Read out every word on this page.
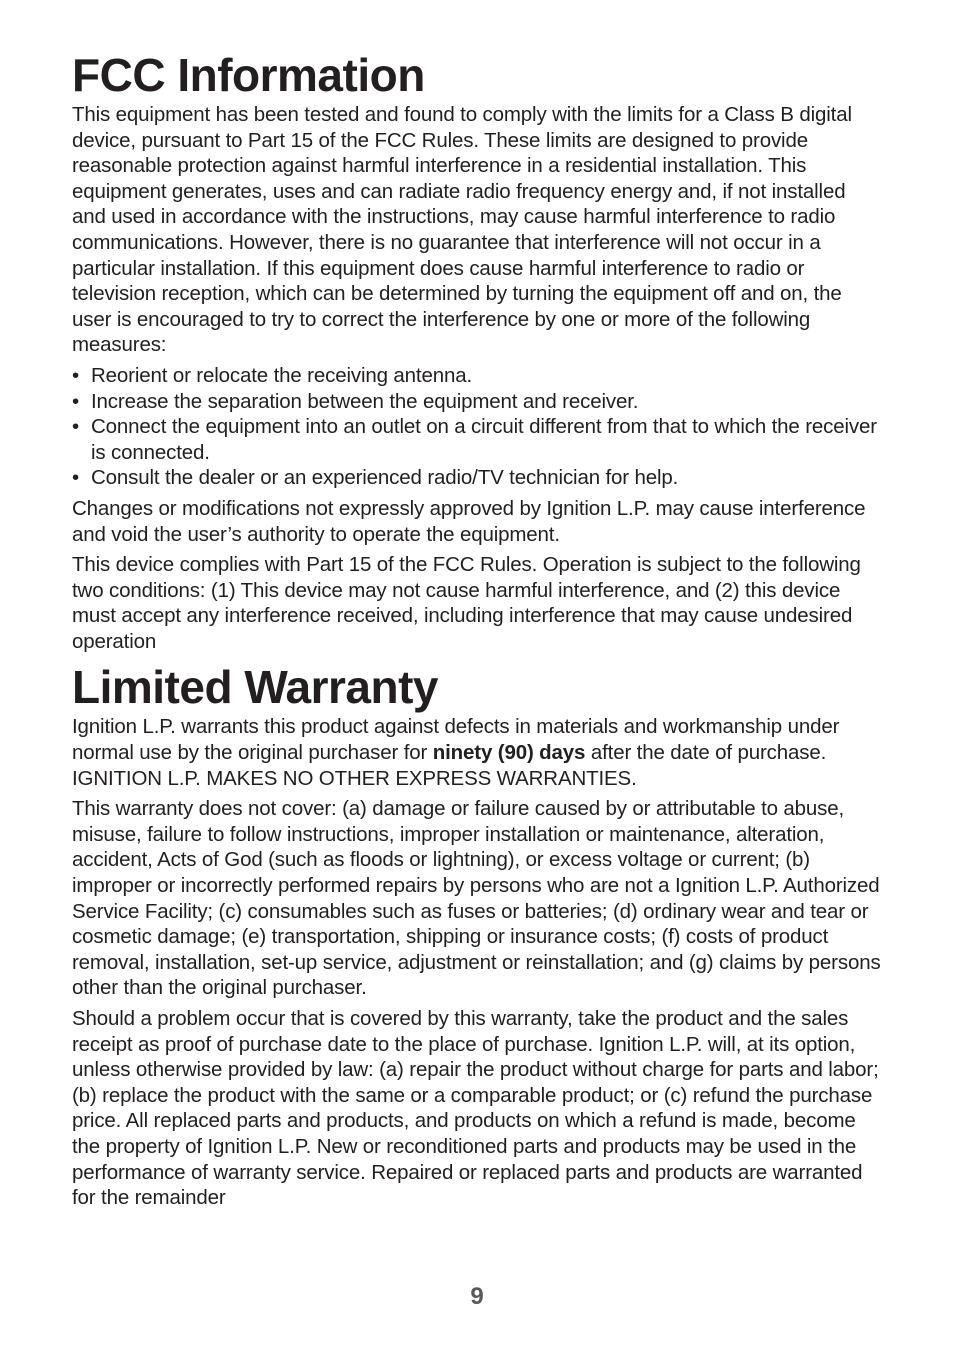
FCC Information

This equipment has been tested and found to comply with the limits for a Class B digital device, pursuant to Part 15 of the FCC Rules. These limits are designed to provide reasonable protection against harmful interference in a residential installation. This equipment generates, uses and can radiate radio frequency energy and, if not installed and used in accordance with the instructions, may cause harmful interference to radio communications. However, there is no guarantee that interference will not occur in a particular installation. If this equipment does cause harmful interference to radio or television reception, which can be determined by turning the equipment off and on, the user is encouraged to try to correct the interference by one or more of the following measures:

• Reorient or relocate the receiving antenna.
• Increase the separation between the equipment and receiver.
• Connect the equipment into an outlet on a circuit different from that to which the receiver is connected.
• Consult the dealer or an experienced radio/TV technician for help.

Changes or modifications not expressly approved by Ignition L.P. may cause interference and void the user’s authority to operate the equipment.

This device complies with Part 15 of the FCC Rules. Operation is subject to the following two conditions: (1) This device may not cause harmful interference, and (2) this device must accept any interference received, including interference that may cause undesired operation

Limited Warranty

Ignition L.P. warrants this product against defects in materials and workmanship under normal use by the original purchaser for ninety (90) days after the date of purchase. IGNITION L.P. MAKES NO OTHER EXPRESS WARRANTIES.

This warranty does not cover: (a) damage or failure caused by or attributable to abuse, misuse, failure to follow instructions, improper installation or maintenance, alteration, accident, Acts of God (such as floods or lightning), or excess voltage or current; (b) improper or incorrectly performed repairs by persons who are not a Ignition L.P. Authorized Service Facility; (c) consumables such as fuses or batteries; (d) ordinary wear and tear or cosmetic damage; (e) transportation, shipping or insurance costs; (f) costs of product removal, installation, set-up service, adjustment or reinstallation; and (g) claims by persons other than the original purchaser.

Should a problem occur that is covered by this warranty, take the product and the sales receipt as proof of purchase date to the place of purchase. Ignition L.P. will, at its option, unless otherwise provided by law: (a) repair the product without charge for parts and labor; (b) replace the product with the same or a comparable product; or (c) refund the purchase price. All replaced parts and products, and products on which a refund is made, become the property of Ignition L.P. New or reconditioned parts and products may be used in the performance of warranty service. Repaired or replaced parts and products are warranted for the remainder

9
